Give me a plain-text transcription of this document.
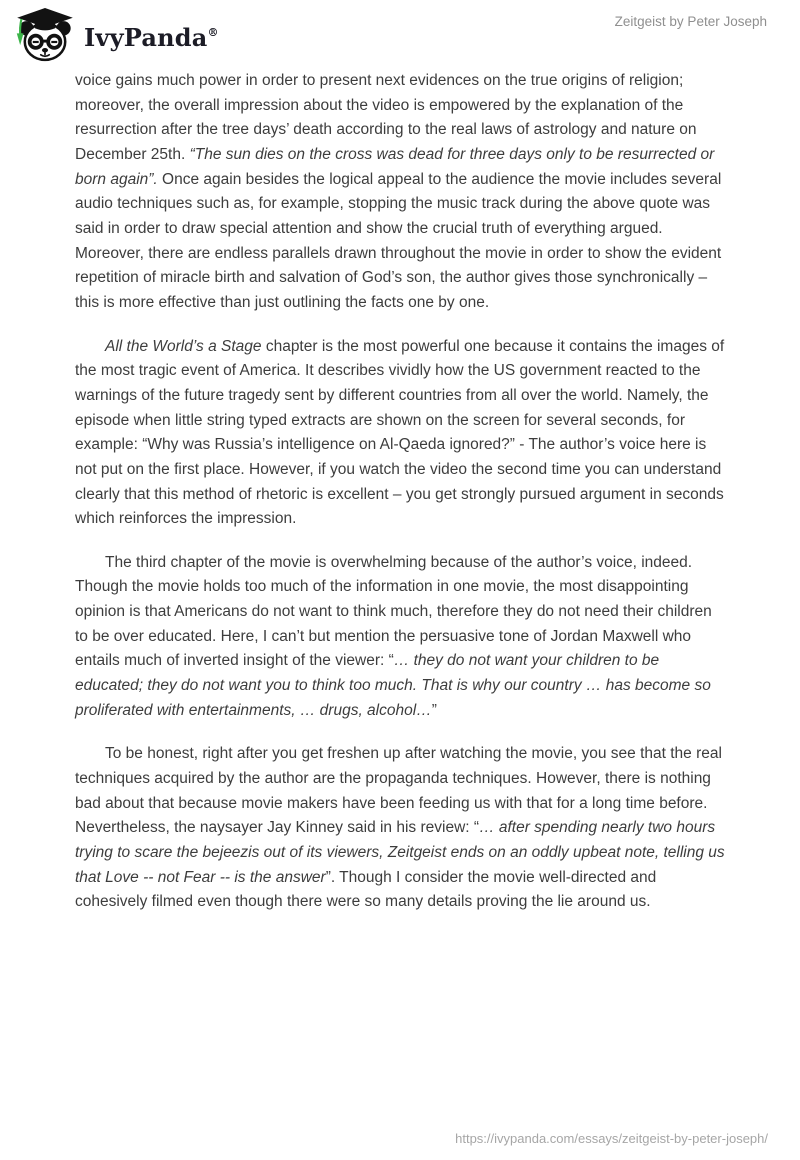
IvyPanda®
Zeitgeist by Peter Joseph

voice gains much power in order to present next evidences on the true origins of religion; moreover, the overall impression about the video is empowered by the explanation of the resurrection after the tree days’ death according to the real laws of astrology and nature on December 25th. “The sun dies on the cross was dead for three days only to be resurrected or born again”. Once again besides the logical appeal to the audience the movie includes several audio techniques such as, for example, stopping the music track during the above quote was said in order to draw special attention and show the crucial truth of everything argued. Moreover, there are endless parallels drawn throughout the movie in order to show the evident repetition of miracle birth and salvation of God’s son, the author gives those synchronically – this is more effective than just outlining the facts one by one.

All the World’s a Stage chapter is the most powerful one because it contains the images of the most tragic event of America. It describes vividly how the US government reacted to the warnings of the future tragedy sent by different countries from all over the world. Namely, the episode when little string typed extracts are shown on the screen for several seconds, for example: “Why was Russia’s intelligence on Al-Qaeda ignored?” - The author’s voice here is not put on the first place. However, if you watch the video the second time you can understand clearly that this method of rhetoric is excellent – you get strongly pursued argument in seconds which reinforces the impression.

The third chapter of the movie is overwhelming because of the author’s voice, indeed. Though the movie holds too much of the information in one movie, the most disappointing opinion is that Americans do not want to think much, therefore they do not need their children to be over educated. Here, I can’t but mention the persuasive tone of Jordan Maxwell who entails much of inverted insight of the viewer: “… they do not want your children to be educated; they do not want you to think too much. That is why our country … has become so proliferated with entertainments, … drugs, alcohol…”

To be honest, right after you get freshen up after watching the movie, you see that the real techniques acquired by the author are the propaganda techniques. However, there is nothing bad about that because movie makers have been feeding us with that for a long time before. Nevertheless, the naysayer Jay Kinney said in his review: “… after spending nearly two hours trying to scare the bejeezis out of its viewers, Zeitgeist ends on an oddly upbeat note, telling us that Love -- not Fear -- is the answer”. Though I consider the movie well-directed and cohesively filmed even though there were so many details proving the lie around us.

https://ivypanda.com/essays/zeitgeist-by-peter-joseph/
